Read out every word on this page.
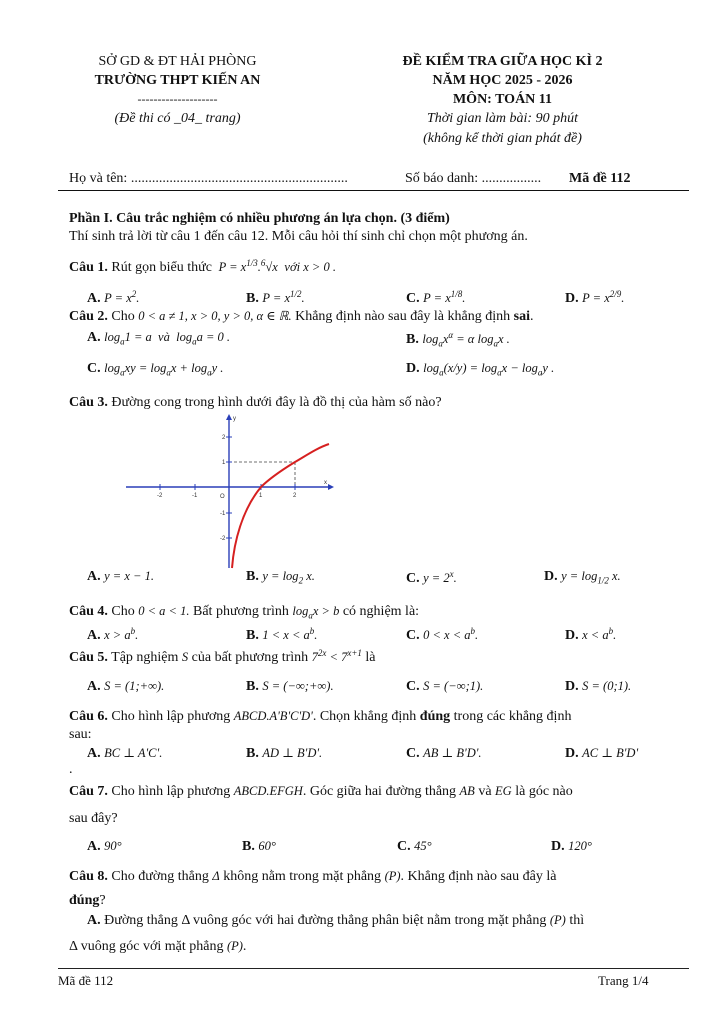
SỞ GD & ĐT HẢI PHÒNG
TRƯỜNG THPT KIẾN AN
--------------------
(Đề thi có _04_ trang)
ĐỀ KIỂM TRA GIỮA HỌC KÌ 2
NĂM HỌC 2025 - 2026
MÔN: TOÁN 11
Thời gian làm bài: 90 phút
(không kể thời gian phát đề)
Họ và tên: ..............................................................	Số báo danh: ................. Mã đề 112
Phần I. Câu trắc nghiệm có nhiều phương án lựa chọn. (3 điểm)
Thí sinh trả lời từ câu 1 đến câu 12. Mỗi câu hỏi thí sinh chỉ chọn một phương án.
Câu 1. Rút gọn biểu thức  $P = x^{1/3}.^6√x$  với x > 0 .
A. $P = x^2$.	B. $P = x^{1/2}$.	C. $P = x^{1/8}$.	D. $P = x^{2/9}$.
Câu 2. Cho 0 < a ≠ 1, x > 0, y > 0, α ∈ ℝ. Khẳng định nào sau đây là khẳng định sai.
A. $\log_a1 = a$  và  $\log_aa = 0$ .	B. $\log_ax^\alpha = \alpha$ $\log_ax$ .
C. $\log_axy = \log_ax + \log_ay$ .	D. $\log_a(x/y) = \log_ax - \log_ay$ .
Câu 3. Đường cong trong hình dưới đây là đồ thị của hàm số nào?
-2	-1	O	1	2
2
1
-1
-2
x
y
A. y = x − 1.	B. $y = \log_2 x$.	C. $y = 2^x$.	D. $y = \log_{1/2} x$.
Câu 4. Cho 0 < a < 1. Bất phương trình $\log_ax > b$ có nghiệm là:
A. $x > a^b$.	B. $1 < x < a^b$.	C. $0 < x < a^b$.	D. $x < a^b$.
Câu 5. Tập nghiệm S của bất phương trình $7^{2x} < 7^{x+1}$ là
A. S = (1;+∞).	B. S = (−∞;+∞).	C. S = (−∞;1).	D. S = (0;1).
Câu 6. Cho hình lập phương ABCD.A'B'C'D'. Chọn khẳng định đúng trong các khẳng định
sau:
A. BC ⊥ A'C'.	B. AD ⊥ B'D'.	C. AB ⊥ B'D'.	D. AC ⊥ B'D'
.
Câu 7. Cho hình lập phương ABCD.EFGH. Góc giữa hai đường thẳng AB và EG là góc nào
sau đây?
A. 90°	B. 60°	C. 45°	D. 120°
Câu 8. Cho đường thẳng Δ không nằm trong mặt phẳng (P). Khẳng định nào sau đây là
đúng?
A. Đường thẳng Δ vuông góc với hai đường thẳng phân biệt nằm trong mặt phẳng (P) thì
Δ vuông góc với mặt phẳng (P).
Mã đề 112	Trang 1/4
